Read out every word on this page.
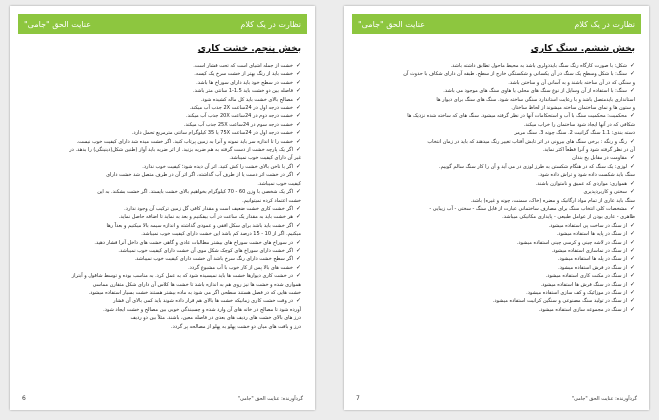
نظارت در یک کلام
عنایت الحق "جامی"
بخش پنجم. خشت کاری
✓ خشت از جمله اشیای است که تحت فشار است.
✓ خشت باید از رنگ بهتر از خشت سرخ یک کیسه.
✓ خشت در سطح خود باید دارای سوراخ ها باشد.
✓ فاصله بین دو خشت باید 1.5-1 سانتی متر باشد.
✓ مصالح بالای خشت باید کل ماله کشیده شود.
✓ خشت درجه اول در 24ساعت 2X جذب آب میکند.
✓ خشت درجه دوم در 24ساعت 20X جذب آب میکند.
✓ خشت درجه سوم در 24ساعت 25X جذب آب میکند.
✓ خشت درجه اول در 24ساعت 75X یا 35 کیلوگرام سانتی مترمربع تحمل دارد.
✓ خشت را تا اندازه سر باید نمونه و آنرا به زمین پرتاب کنید. اگر خشت میده شد دارای کیفیت خوب نیست.
✓ اگر یک پارچه خشت از دست گرفته به هم ضربه بزنید. از اثر ضربه باید آواز (طنین شکل(دینینگی) را بدهد. در
غیر آن دارای کیفیت خوب نمیباشد.
✓ اگر با ناخن بالای خشت را کش کنید. اثر آن دیده شود؛ کیفیت خوب ندارد.
✓ اگر در خشت اثر دست یا از طرف آب گذاشته، اگر اثر آن در طرف متصل شد خشت دارای
کیفیت خوب نمیباشد.
✓ اگر یک شخصی با وزن 60 - 70 کیلوگرام بخواهیم بالای خشت بایستد. اگر خشت بشکند. به این
خشت اعتماد کرده نمیتوانیم.
✓ اگر خشت کاری خشت ضعیف است و مقدار کافی گل زمین ترکیب آن وجود ندارد.
✓ هر خشت باید به مقدار یک ساعت در آب بیفکنیم و بعد به نماید تا اضافه حاصل نماید.
✓ اگر خشت باید باشد برای سکل افقی و عمودی گذاشته و اندازه سیمه بالا میکنیم و بعداً رها
میکنیم. اگر از 10 - 15 درصد کم باشد این خشت دارای کیفیت خوب نمیباشد.
✓ در سوراخ های خشت سوراخ های بیشتر مطالبات عادی و گاهی خشت های داخل آنرا فشار دهید.
✓ اگر خشت دارای سوراخ های کوچک شکل موی آن خشت دارای کیفیت خوب نمیباشد.
✓ اگر سطح خشت دارای رنگ سرخ باشد آن خشت دارای کیفیت خوب نمیباشد.
✓ خشت های بالا پس از کار خوب با آب مشبوع گردد.
✓ در خشت کاری دیوارها خشت ها باید نمیسیده شود که به عمل کرد. به مناسب بوده و توسط شاقول و آبتراز
همواری شده و خشت ها نیز روی هم به اندازه باشد تا خشت ها کلاس آن دارای شکل متقارن مماسی
خشت هایی که در فصل هستند سطحی اگر می شود به ماده بیشتر هستند خشت بسیار استفاده میشود.
✓ در وقت خشت کاری زمانیکه خشت ها بالای هم قرار داده شوند باید کمی بالای آن فشار
آورده شود تا مصالح در خانه های آن وارد شده و چسبندگی خوبی بین مصالح و خشت ایجاد شود.
درز های بالای خشت های ردیف های بعدی در فاصله معین، باشند. مثلاً بین دو ردیف
درز و بافت های میان دو خشت پهلو به پهلو از مصالحه پر گردد.
گردآورنده: عنایت الحق "جامی"
6
نظارت در یک کلام
عنایت الحق "جامی"
بخش ششم. سنگ کاری
✓ شکل: با صورت کارگاه رنگ سنگ بایددولری باشد به محیط ماحول تطابق داشته باشد.
✓ سنگ: با شکل وسطح یک سنگ در آن یکسانی و شکستگی خارج از سطح. طبقه آن دارای شکاف با حدوث آن
و سنگی که در آن ساخته باشند و به آسانی آن و ساختن باشد.
✓ سنگ: با استفاده از آن وسایل از نوع سنگ های محلی یا هاوی سنگ های موجود می باشد.
استانداری بایدمتصل باشد و با رعایت استاندارد سنگی ساخته شود. سنگ های سنگ برای دیوار ها
و ستون ها و نمای ساختمان ساخته میشوند از لحاظ ساختار.
✓ محکمیت: محکمیت سنگ با آب و استحکامات آنها در نظر گرفته میشود. سنگ های که ساخته شده نزدیک ها
شکافی که در آنها ایجاد شود ساختمان را خراب میکند.
دسته بندی: 1.1 سنگ گرانیت 2. سنگ چونه 3. سنگ مرمر
✓ رنگ و رنگه : برخی سنگ های بیرونی در اثر تابش آفتاب تغییر رنگ میدهند که باید در زمان انتخاب
آن در نظر گرفته شود و آنرا قطعاً اکثر نماید.
✓ مقاومت در مقابل یخ بندان
✓ لوزی: یک سنگ که در هنگام شکستن به طرز لوزی در می آید و آن را کار سنگ سالم گوییم.
سنگ باید شکست داده شود و تراش داده شود.
✓ همواری: مواردی که عمیق و نامتوازن باشند.
✓ سختی و کاربردپذیری
سنگ باید عاری از تمام مواد ارگانیک و مضره (خاک، سمنت، چونه و غیره) باشد.
✓ مشخصات کلی انتخاب سنگ برای مصارف ساختمانی عبارت از قابل سنگ - سختی - آب زیبایی -
ظاهری - عاری بودن از عوامل طبیعی - پایداری مکانیکی میباشد.
✓ از سنگ در ساخت پی استفاده میشود.
✓ از سنگ در پایه ها استفاده میشود.
✓ از سنگ در لاشه چینی و کرسی چینی استفاده میشود.
✓ از سنگ در نماسازی استفاده میشود.
✓ از سنگ در پله ها استفاده میشود.
✓ از سنگ در فرش استفاده میشود.
✓ از سنگ در مکنت کاری استفاده میشود.
✓ از سنگ در سنگ فرش ها استفاده میشود.
✓ از سنگ در موزائیک و کف سازی استفاده میشود.
✓ از سنگ در تولید سنگ مصنوعی و سنگین کرانیت استفاده میشود.
✓ از سنگ در مجموعه سازی استفاده میشود.
گردآورنده: عنایت الحق "جامی"
7
